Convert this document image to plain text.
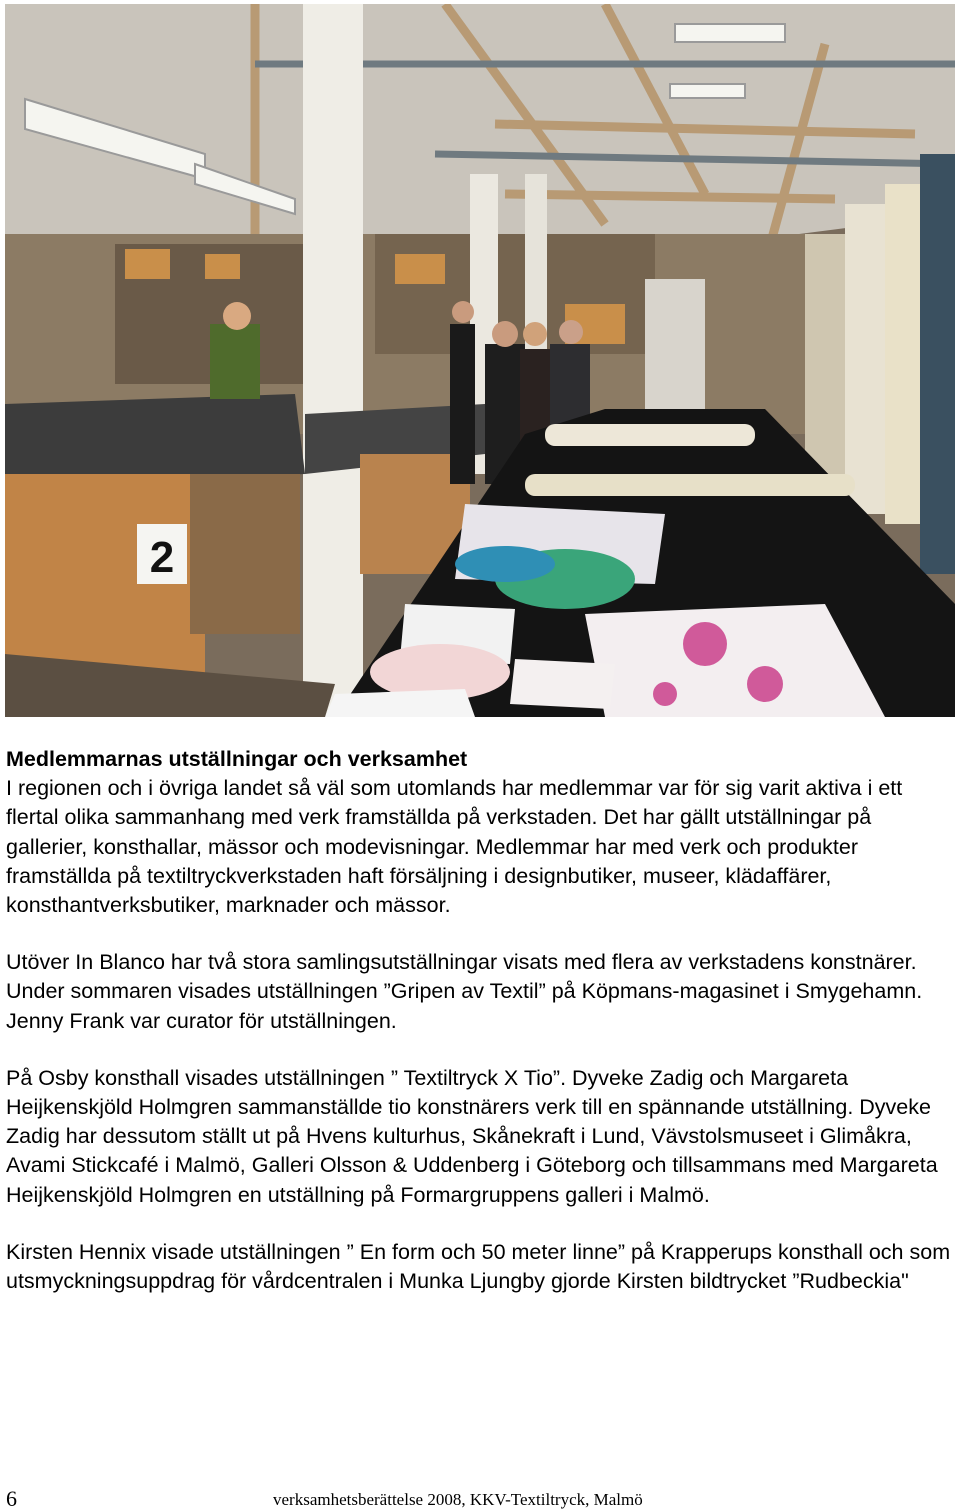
2
Medlemmarnas utställningar och verksamhet

I regionen och i övriga landet så väl som utomlands har medlemmar var för sig varit aktiva i ett flertal olika sammanhang med verk framställda på verkstaden. Det har gällt utställningar på gallerier, konsthallar, mässor och modevisningar. Medlemmar har med verk och produkter framställda på textiltryckverkstaden haft försäljning i designbutiker, museer, klädaffärer, konsthantverksbutiker, marknader och mässor.

Utöver In Blanco har två stora samlingsutställningar visats med flera av verkstadens konstnärer. Under sommaren visades utställningen ”Gripen av Textil” på Köpmans-magasinet i Smygehamn. Jenny Frank var curator för utställningen.

På Osby konsthall visades utställningen ” Textiltryck X Tio”. Dyveke Zadig och Margareta Heijkenskjöld Holmgren sammanställde tio konstnärers verk till en spännande utställning. Dyveke Zadig har dessutom ställt ut på Hvens kulturhus, Skånekraft i Lund, Vävstolsmuseet i Glimåkra, Avami Stickcafé i Malmö, Galleri Olsson & Uddenberg i Göteborg och tillsammans med Margareta Heijkenskjöld Holmgren en utställning på Formargruppens galleri i Malmö.

Kirsten Hennix visade utställningen ” En form och 50 meter linne” på Krapperups konsthall och som utsmyckningsuppdrag för vårdcentralen i Munka Ljungby gjorde Kirsten bildtrycket ”Rudbeckia"

6	verksamhetsberättelse 2008, KKV-Textiltryck, Malmö
